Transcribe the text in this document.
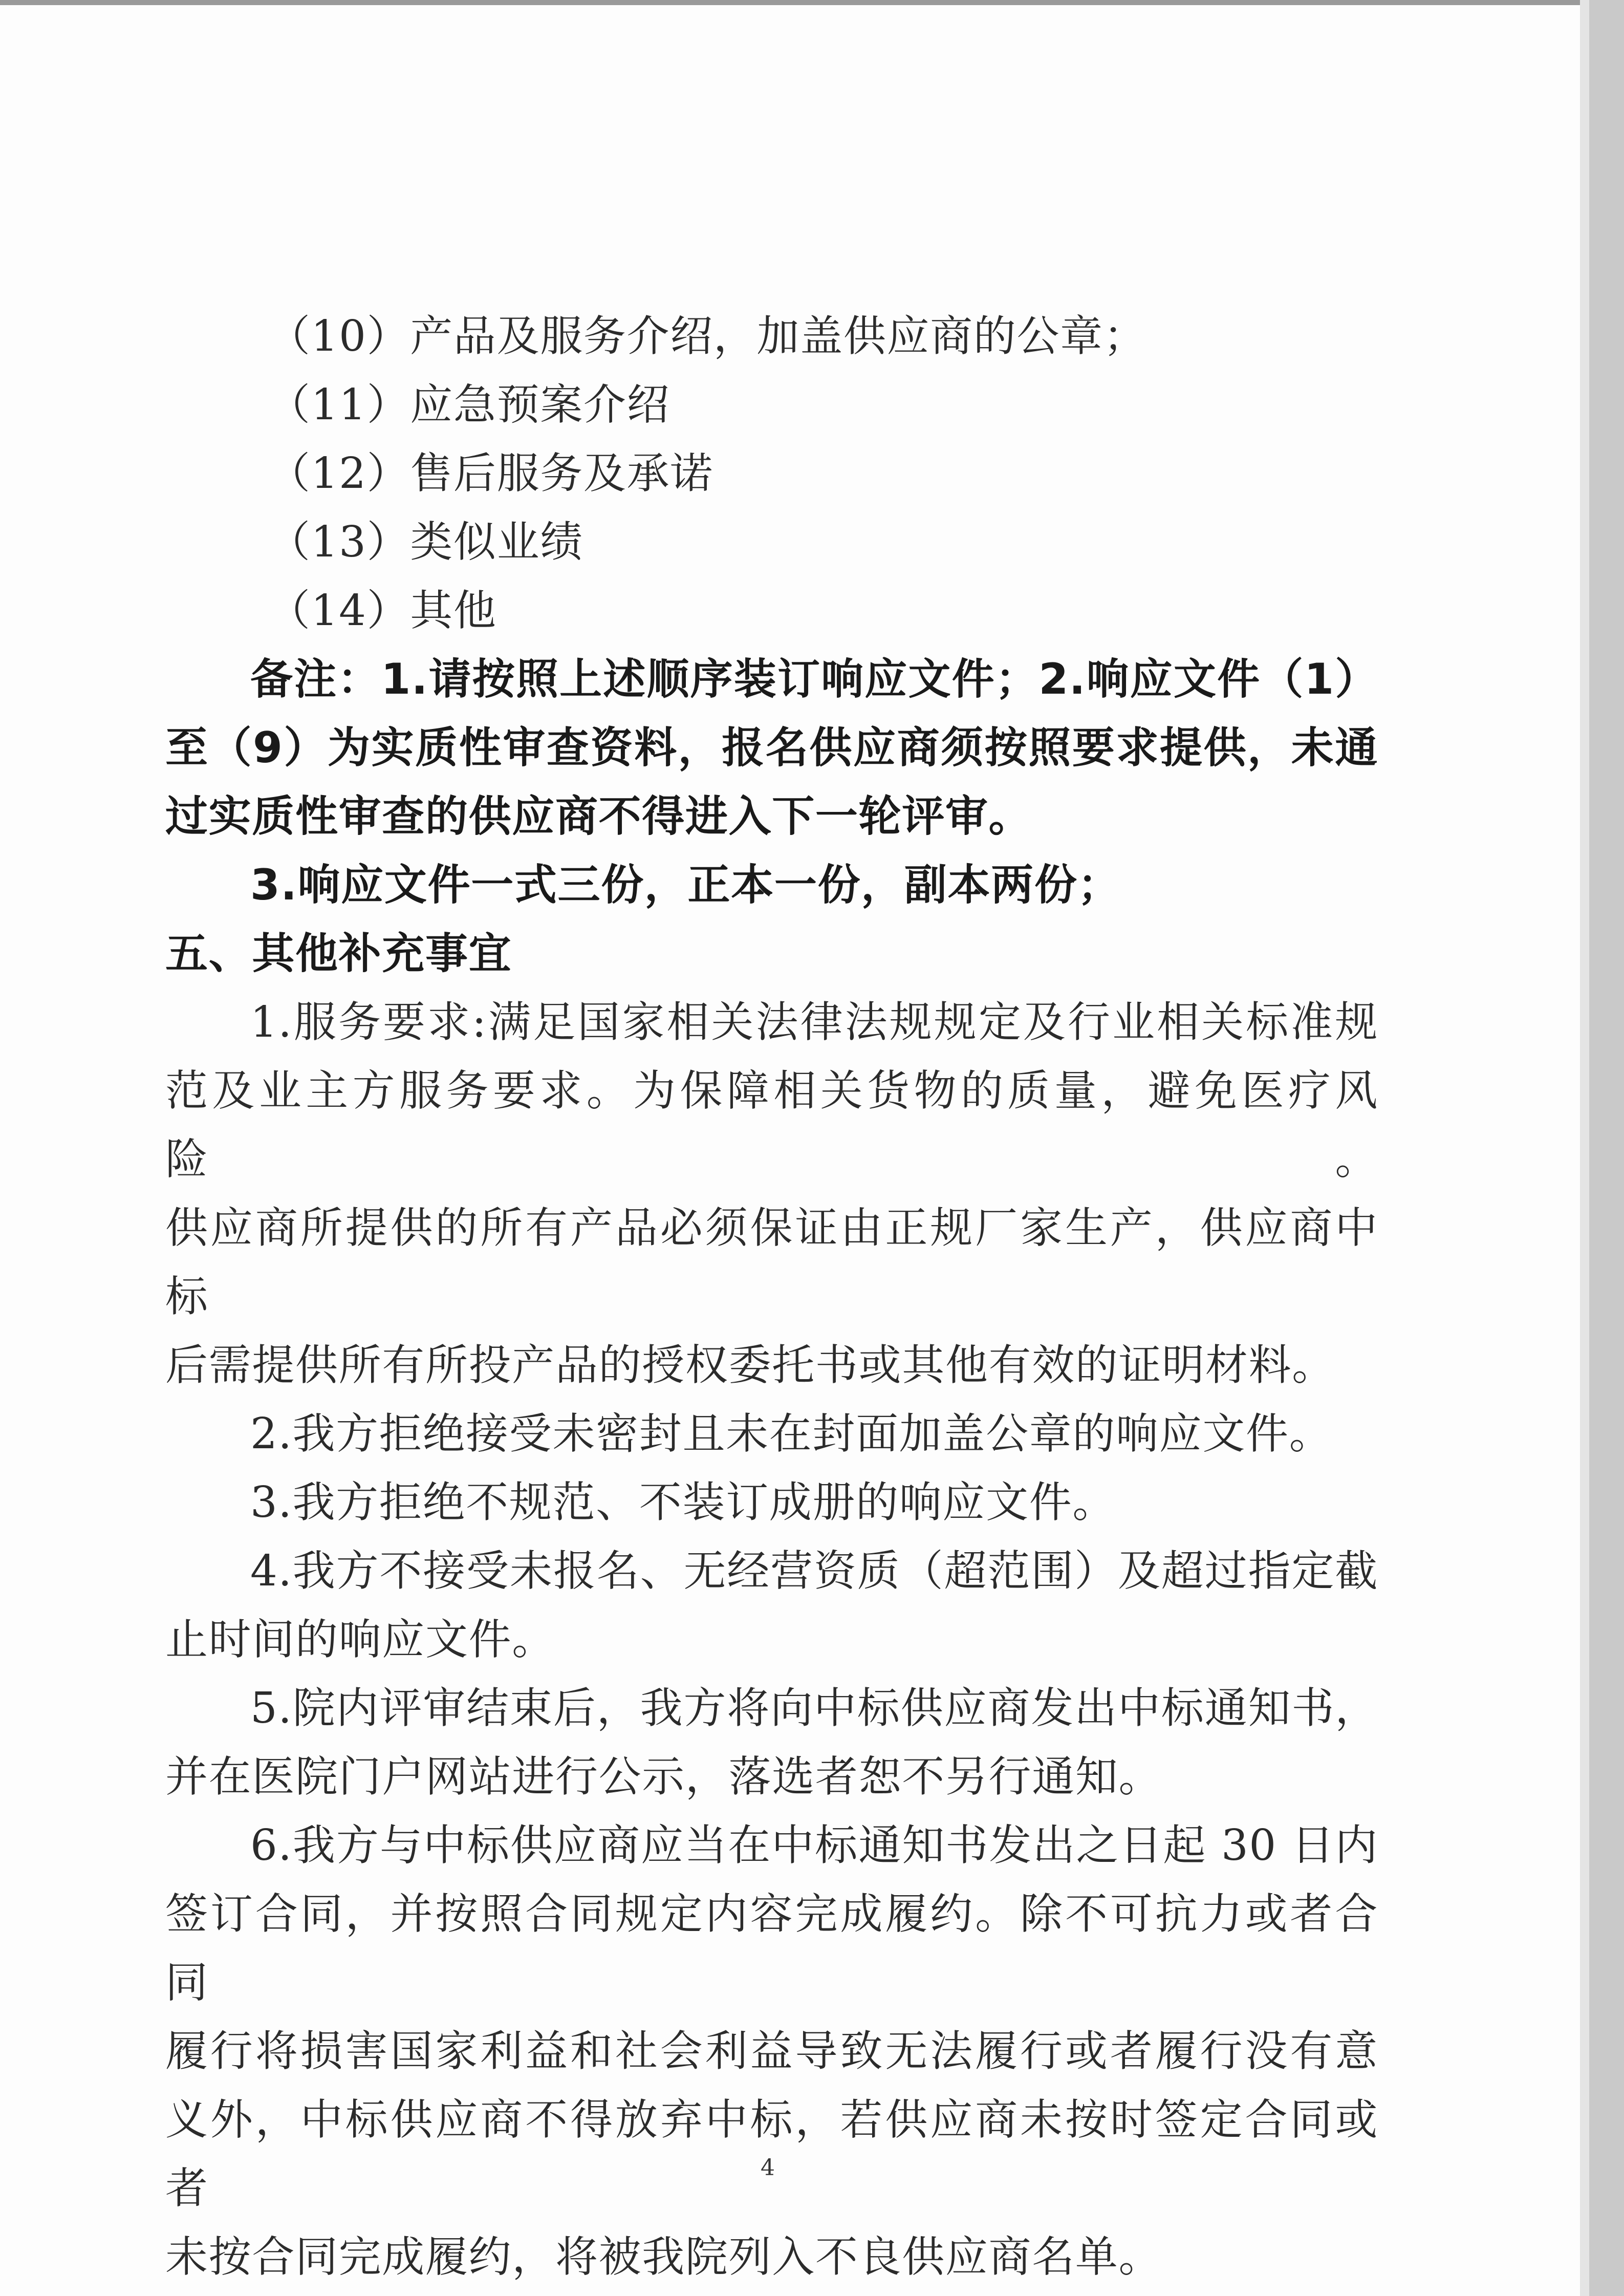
（10）产品及服务介绍，加盖供应商的公章；
（11）应急预案介绍
（12）售后服务及承诺
（13）类似业绩
（14）其他
备注：1.请按照上述顺序装订响应文件；2.响应文件（1）
至（9）为实质性审查资料，报名供应商须按照要求提供，未通
过实质性审查的供应商不得进入下一轮评审。
3.响应文件一式三份，正本一份，副本两份；
五、其他补充事宜
1.服务要求:满足国家相关法律法规规定及行业相关标准规
范及业主方服务要求。为保障相关货物的质量，避免医疗风险。
供应商所提供的所有产品必须保证由正规厂家生产，供应商中标
后需提供所有所投产品的授权委托书或其他有效的证明材料。
2.我方拒绝接受未密封且未在封面加盖公章的响应文件。
3.我方拒绝不规范、不装订成册的响应文件。
4.我方不接受未报名、无经营资质（超范围）及超过指定截
止时间的响应文件。
5.院内评审结束后，我方将向中标供应商发出中标通知书，
并在医院门户网站进行公示，落选者恕不另行通知。
6.我方与中标供应商应当在中标通知书发出之日起 30 日内
签订合同，并按照合同规定内容完成履约。除不可抗力或者合同
履行将损害国家利益和社会利益导致无法履行或者履行没有意
义外，中标供应商不得放弃中标，若供应商未按时签定合同或者
未按合同完成履约，将被我院列入不良供应商名单。
4
